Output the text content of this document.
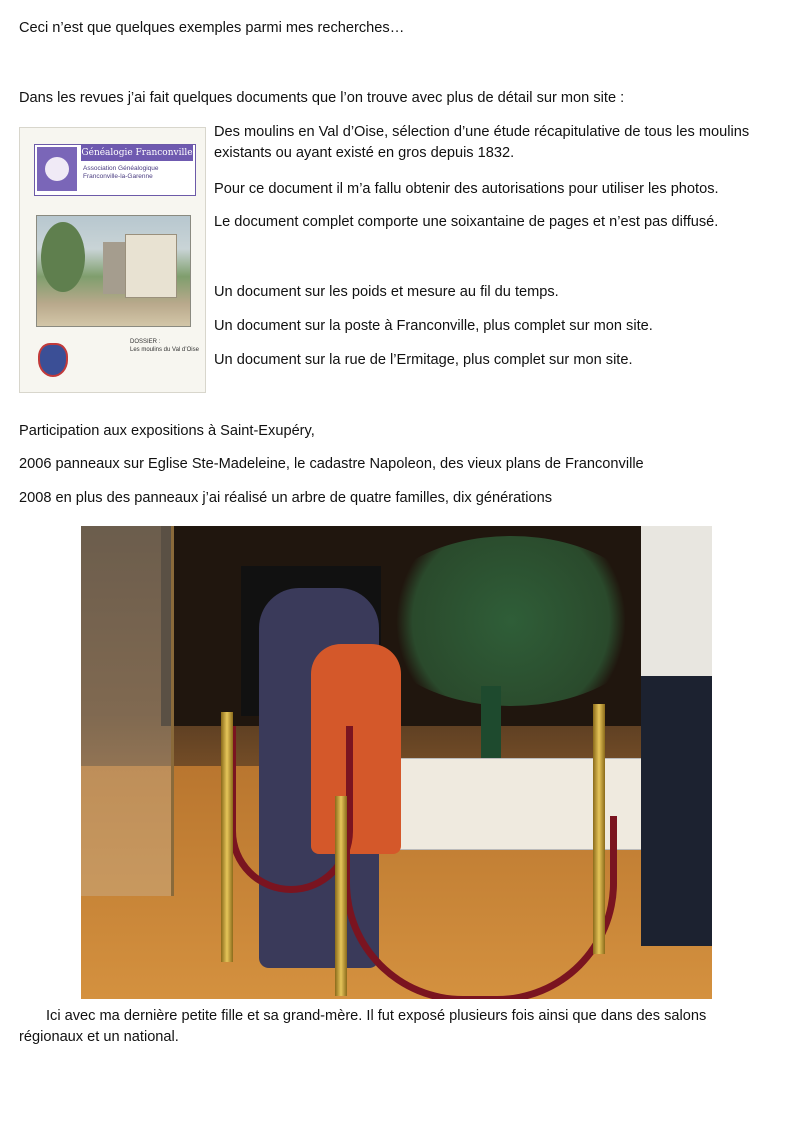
Ceci n’est que quelques exemples parmi mes recherches…

Dans les revues j’ai fait quelques documents que l’on trouve avec plus de détail sur mon site :

Généalogie Franconville
Association Généalogique
Franconville-la-Garenne
DOSSIER :
Les moulins du Val d’Oise

Des moulins en Val d’Oise, sélection d’une étude récapitulative de tous les moulins existants ou ayant existé en gros depuis 1832.

Pour ce document il m’a fallu obtenir des autorisations pour utiliser les photos.

Le document complet comporte une soixantaine de pages et n’est pas diffusé.

Un document sur les poids et mesure au fil du temps.

Un document sur la poste à Franconville, plus complet sur mon site.

Un document sur la rue de l’Ermitage, plus complet sur mon site.

Participation aux expositions à Saint-Exupéry,

2006 panneaux sur Eglise Ste-Madeleine, le cadastre Napoleon, des vieux plans de Franconville

2008 en plus des panneaux j’ai réalisé un arbre de quatre familles, dix générations

Ici avec ma dernière petite fille et sa grand-mère. Il fut exposé plusieurs fois ainsi que dans des salons régionaux et un national.
